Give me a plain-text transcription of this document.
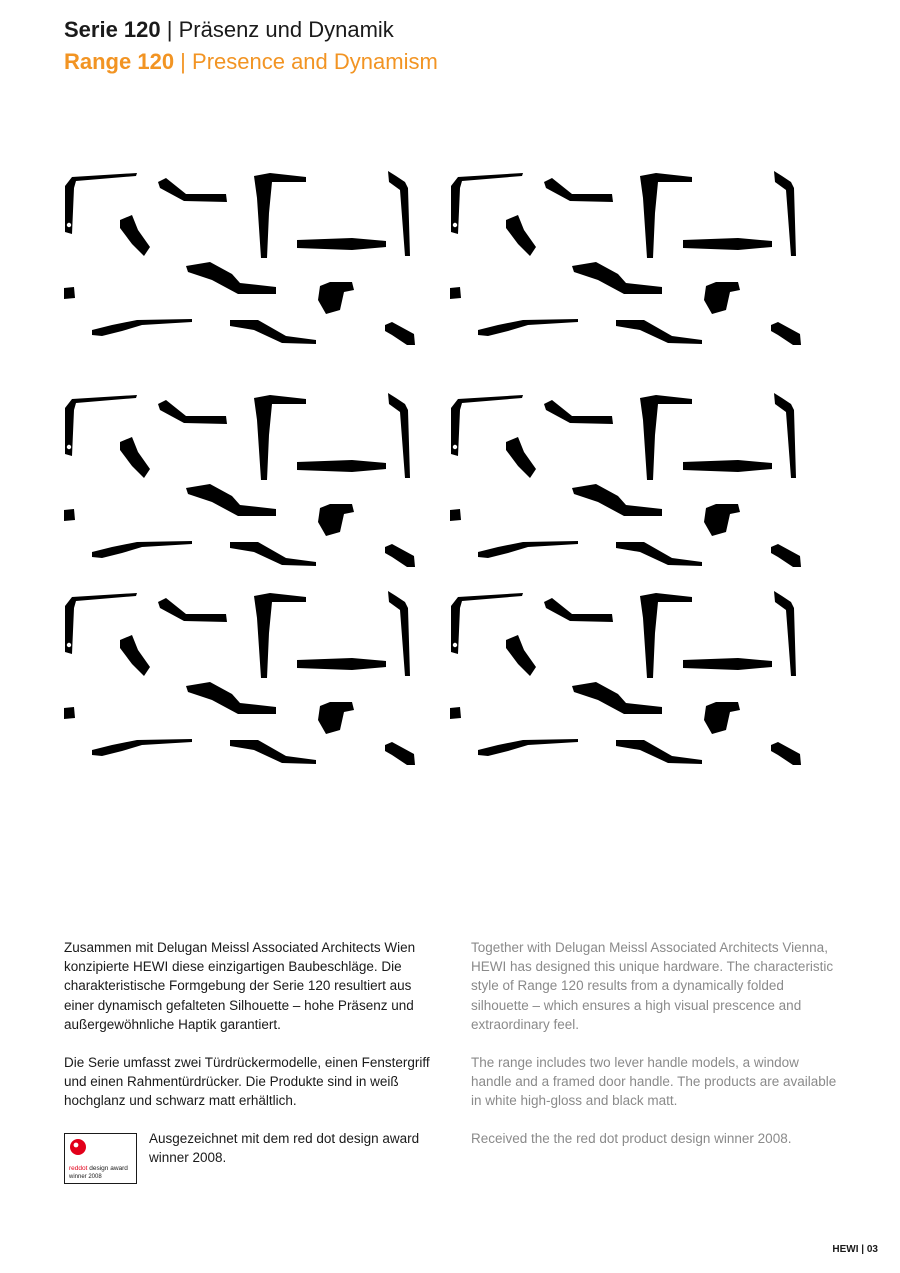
Serie 120 | Präsenz und Dynamik
Range 120 | Presence and Dynamism

Zusammen mit Delugan Meissl Associated Architects Wien konzipierte HEWI diese einzigartigen Baubeschläge. Die charakteristische Formgebung der Serie 120 resultiert aus einer dynamisch gefalteten Silhouette – hohe Präsenz und außergewöhnliche Haptik garantiert.

Die Serie umfasst zwei Türdrückermodelle, einen Fenstergriff und einen Rahmentürdrücker. Die Produkte sind in weiß hochglanz und schwarz matt erhältlich.

Together with Delugan Meissl Associated Architects Vienna, HEWI has designed this unique hardware. The characteristic style of Range 120 results from a dynamically folded silhouette – which ensures a high visual prescence and extraordinary feel.

The range includes two lever handle models, a window handle and a framed door handle. The products are available in white high-gloss and black matt.

Received the the red dot product design winner 2008.

reddot design award
winner 2008

Ausgezeichnet mit dem red dot design award winner 2008.

HEWI | 03
